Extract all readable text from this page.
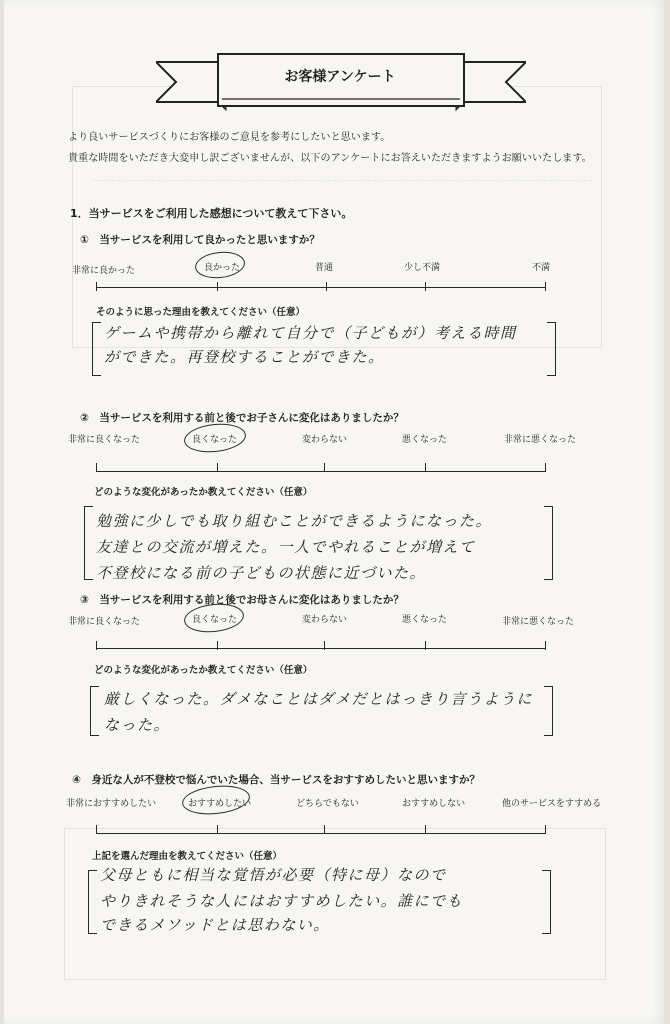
お客様アンケート
より良いサービスづくりにお客様のご意見を参考にしたいと思います。
貴重な時間をいただき大変申し訳ございませんが、以下のアンケートにお答えいただきますようお願いいたします。
1．当サービスをご利用した感想について教えて下さい。
①　当サービスを利用して良かったと思いますか？
非常に良かった	良かった	普通	少し不満	不満
そのように思った理由を教えてください（任意）
ゲームや携帯から離れて自分で（子どもが）考える時間
ができた。再登校することができた。
②　当サービスを利用する前と後でお子さんに変化はありましたか？
非常に良くなった	良くなった	変わらない	悪くなった	非常に悪くなった
どのような変化があったか教えてください（任意）
勉強に少しでも取り組むことができるようになった。
友達との交流が増えた。一人でやれることが増えて
不登校になる前の子どもの状態に近づいた。
③　当サービスを利用する前と後でお母さんに変化はありましたか？
非常に良くなった	良くなった	変わらない	悪くなった	非常に悪くなった
どのような変化があったか教えてください（任意）
厳しくなった。ダメなことはダメだとはっきり言うように
なった。
④　身近な人が不登校で悩んでいた場合、当サービスをおすすめしたいと思いますか？
非常におすすめしたい	おすすめしたい	どちらでもない	おすすめしない	他のサービスをすすめる
上記を選んだ理由を教えてください（任意）
父母ともに相当な覚悟が必要（特に母）なので
やりきれそうな人にはおすすめしたい。誰にでも
できるメソッドとは思わない。
